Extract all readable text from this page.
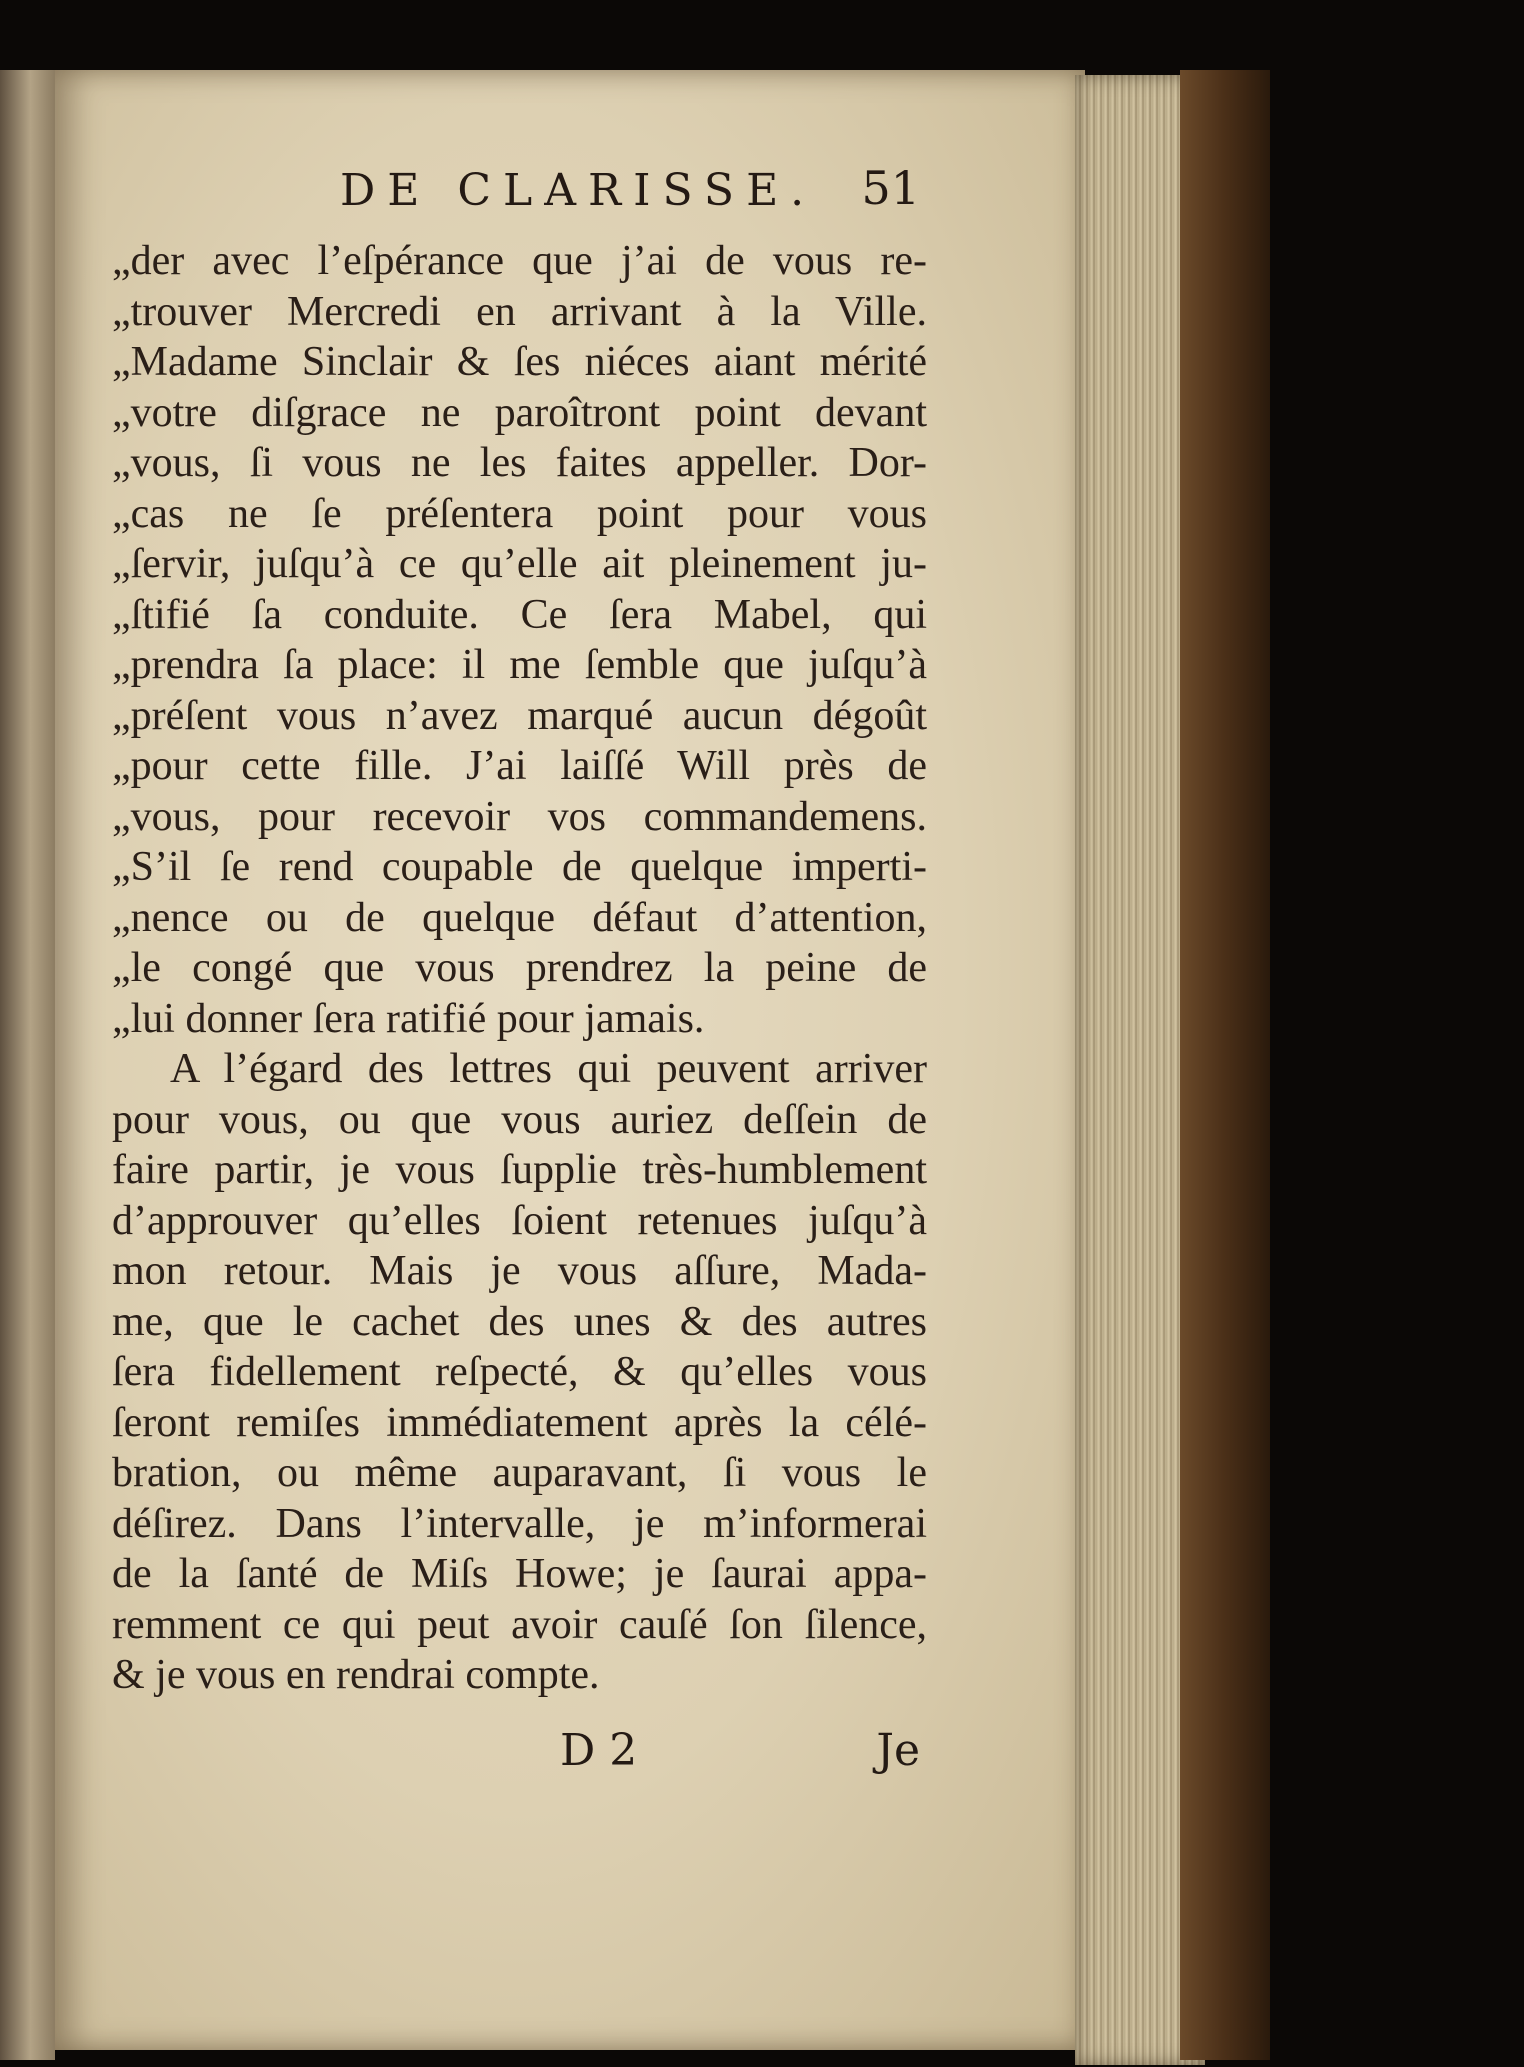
DE CLARISSE. 51
„der avec l’eſpérance que j’ai de vous re-
„trouver Mercredi en arrivant à la Ville.
„Madame Sinclair & ſes niéces aiant mérité
„votre diſgrace ne paroîtront point devant
„vous, ſi vous ne les faites appeller. Dor-
„cas ne ſe préſentera point pour vous
„ſervir, juſqu’à ce qu’elle ait pleinement ju-
„ſtifié ſa conduite. Ce ſera Mabel, qui
„prendra ſa place: il me ſemble que juſqu’à
„préſent vous n’avez marqué aucun dégoût
„pour cette fille. J’ai laiſſé Will près de
„vous, pour recevoir vos commandemens.
„S’il ſe rend coupable de quelque imperti-
„nence ou de quelque défaut d’attention,
„le congé que vous prendrez la peine de
„lui donner ſera ratifié pour jamais.
A l’égard des lettres qui peuvent arriver
pour vous, ou que vous auriez deſſein de
faire partir, je vous ſupplie très-humblement
d’approuver qu’elles ſoient retenues juſqu’à
mon retour. Mais je vous aſſure, Mada-
me, que le cachet des unes & des autres
ſera fidellement reſpecté, & qu’elles vous
ſeront remiſes immédiatement après la célé-
bration, ou même auparavant, ſi vous le
déſirez. Dans l’intervalle, je m’informerai
de la ſanté de Miſs Howe; je ſaurai appa-
remment ce qui peut avoir cauſé ſon ſilence,
& je vous en rendrai compte.
D 2	Je
